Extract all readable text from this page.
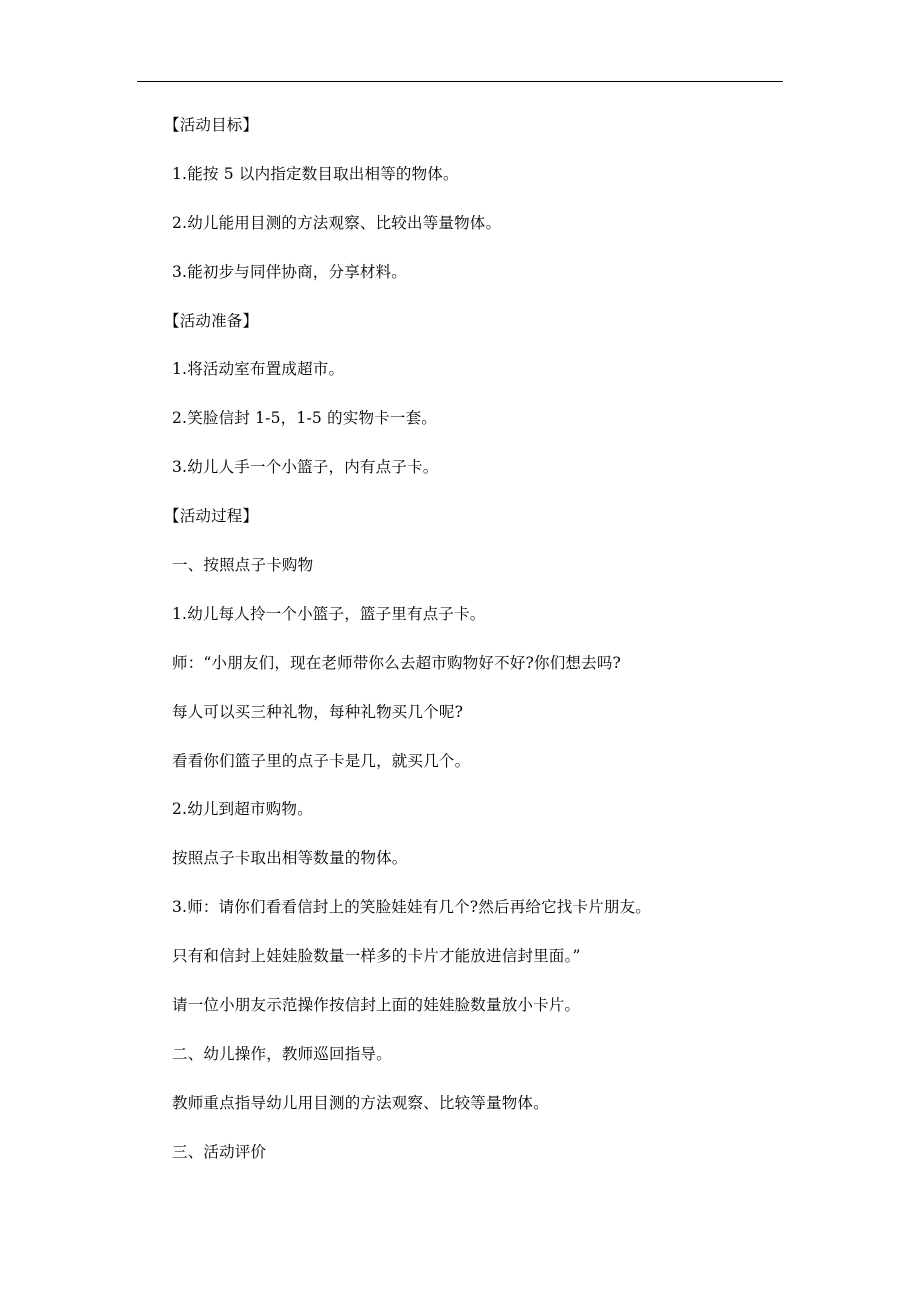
【活动目标】
1.能按 5 以内指定数目取出相等的物体。
2.幼儿能用目测的方法观察、比较出等量物体。
3.能初步与同伴协商，分享材料。
【活动准备】
1.将活动室布置成超市。
2.笑脸信封 1-5，1-5 的实物卡一套。
3.幼儿人手一个小篮子，内有点子卡。
【活动过程】
一、按照点子卡购物
1.幼儿每人拎一个小篮子，篮子里有点子卡。
师：“小朋友们，现在老师带你么去超市购物好不好?你们想去吗?
每人可以买三种礼物，每种礼物买几个呢?
看看你们篮子里的点子卡是几，就买几个。
2.幼儿到超市购物。
按照点子卡取出相等数量的物体。
3.师：请你们看看信封上的笑脸娃娃有几个?然后再给它找卡片朋友。
只有和信封上娃娃脸数量一样多的卡片才能放进信封里面。”
请一位小朋友示范操作按信封上面的娃娃脸数量放小卡片。
二、幼儿操作，教师巡回指导。
教师重点指导幼儿用目测的方法观察、比较等量物体。
三、活动评价
